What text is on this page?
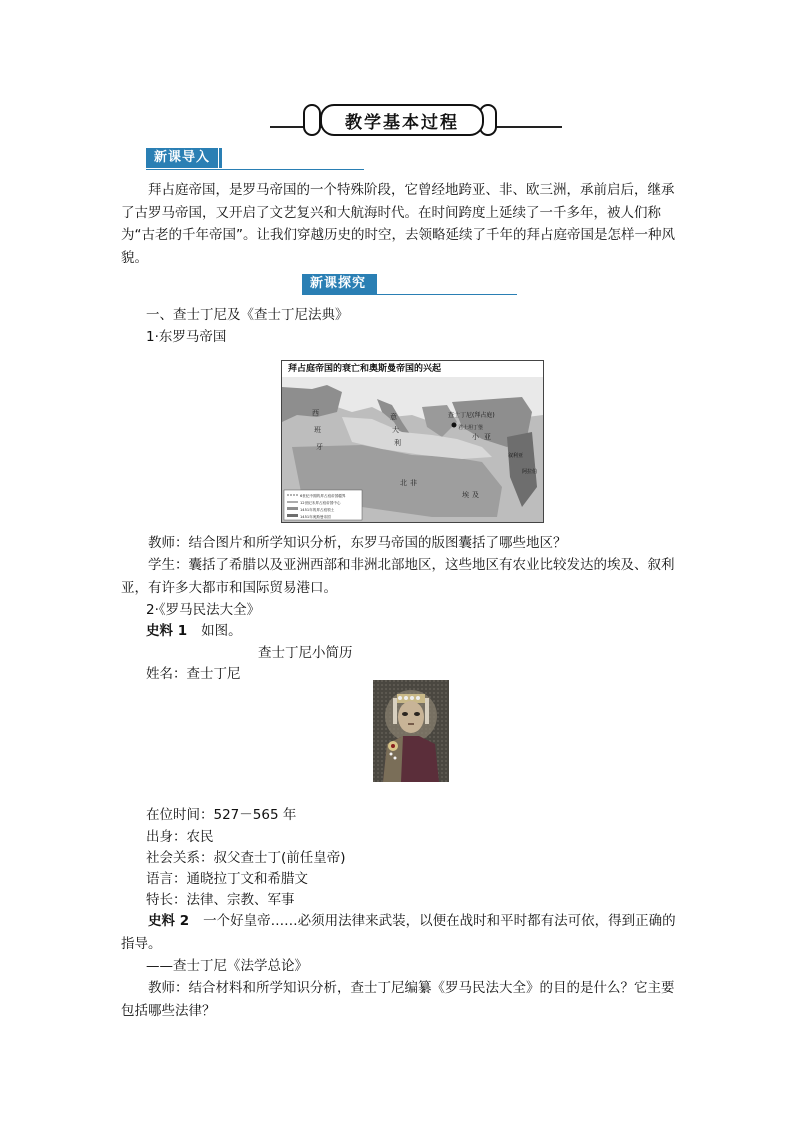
教学基本过程
新课导入
拜占庭帝国，是罗马帝国的一个特殊阶段，它曾经地跨亚、非、欧三洲，承前启后，继承了古罗马帝国，又开启了文艺复兴和大航海时代。在时间跨度上延续了一千多年，被人们称为“古老的千年帝国”。让我们穿越历史的时空，去领略延续了千年的拜占庭帝国是怎样一种风貌。
新课探究
一、查士丁尼及《查士丁尼法典》
1·东罗马帝国
拜占庭帝国的衰亡和奥斯曼帝国的兴起
西
班
牙
意
大
利
查士丁尼(拜占庭)
君士坦丁堡
小 亚
叙利亚
阿拉伯
埃 及
北 非
6世纪中期的拜占庭帝国疆界
12世纪末拜占庭帝国中心
1451年的拜占庭领土
1451年奥斯曼帝国
教师：结合图片和所学知识分析，东罗马帝国的版图囊括了哪些地区？
学生：囊括了希腊以及亚洲西部和非洲北部地区，这些地区有农业比较发达的埃及、叙利亚，有许多大都市和国际贸易港口。
2·《罗马民法大全》
史料 1 如图。
查士丁尼小简历
姓名：查士丁尼
在位时间：527－565 年
出身：农民
社会关系：叔父查士丁(前任皇帝)
语言：通晓拉丁文和希腊文
特长：法律、宗教、军事
史料 2 一个好皇帝……必须用法律来武装，以便在战时和平时都有法可依，得到正确的指导。
——查士丁尼《法学总论》
教师：结合材料和所学知识分析，查士丁尼编纂《罗马民法大全》的目的是什么？它主要包括哪些法律？
